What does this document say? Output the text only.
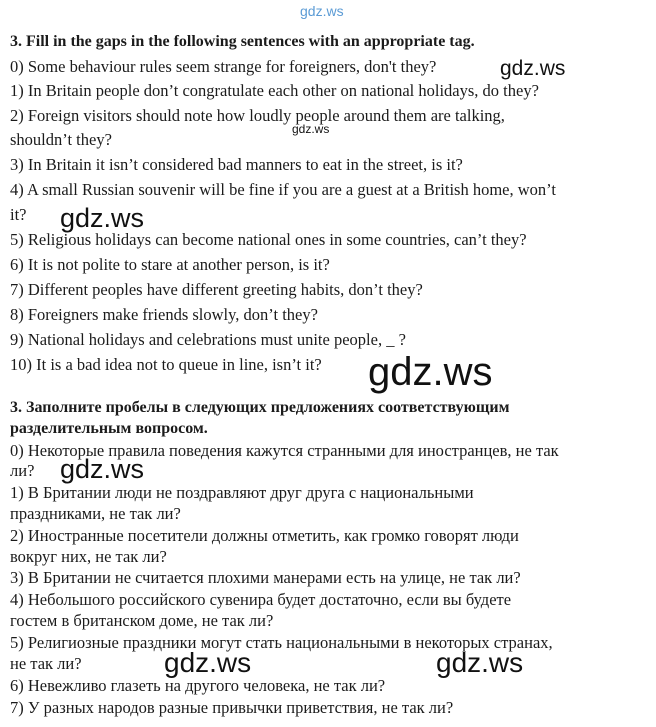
gdz.ws
3. Fill in the gaps in the following sentences with an appropriate tag.
0) Some behaviour rules seem strange for foreigners, don't they?
1) In Britain people don’t congratulate each other on national holidays, do they?
2) Foreign visitors should note how loudly people around them are talking,
shouldn’t they?
3) In Britain it isn’t considered bad manners to eat in the street, is it?
4) A small Russian souvenir will be fine if you are a guest at a British home, won’t
it?
5) Religious holidays can become national ones in some countries, can’t they?
6) It is not polite to stare at another person, is it?
7) Different peoples have different greeting habits, don’t they?
8) Foreigners make friends slowly, don’t they?
9) National holidays and celebrations must unite people, _ ?
10) It is a bad idea not to queue in line, isn’t it?
3. Заполните пробелы в следующих предложениях соответствующим
разделительным вопросом.
0) Некоторые правила поведения кажутся странными для иностранцев, не так
ли?
1) В Британии люди не поздравляют друг друга с национальными
праздниками, не так ли?
2) Иностранные посетители должны отметить, как громко говорят люди
вокруг них, не так ли?
3) В Британии не считается плохими манерами есть на улице, не так ли?
4) Небольшого российского сувенира будет достаточно, если вы будете
гостем в британском доме, не так ли?
5) Религиозные праздники могут стать национальными в некоторых странах,
не так ли?
6) Невежливо глазеть на другого человека, не так ли?
7) У разных народов разные привычки приветствия, не так ли?
gdz.ws
gdz.ws
gdz.ws
gdz.ws
gdz.ws
gdz.ws	gdz.ws
